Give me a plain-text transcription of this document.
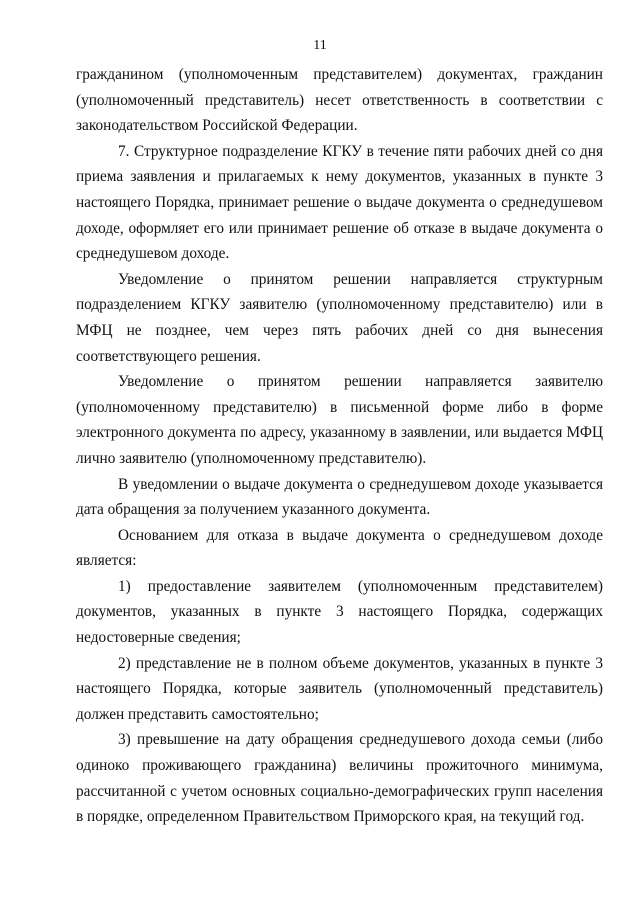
11

гражданином (уполномоченным представителем) документах, гражданин (уполномоченный представитель) несет ответственность в соответствии с законодательством Российской Федерации.

7. Структурное подразделение КГКУ в течение пяти рабочих дней со дня приема заявления и прилагаемых к нему документов, указанных в пункте 3 настоящего Порядка, принимает решение о выдаче документа о среднедушевом доходе, оформляет его или принимает решение об отказе в выдаче документа о среднедушевом доходе.

Уведомление о принятом решении направляется структурным подразделением КГКУ заявителю (уполномоченному представителю) или в МФЦ не позднее, чем через пять рабочих дней со дня вынесения соответствующего решения.

Уведомление о принятом решении направляется заявителю (уполномоченному представителю) в письменной форме либо в форме электронного документа по адресу, указанному в заявлении, или выдается МФЦ лично заявителю (уполномоченному представителю).

В уведомлении о выдаче документа о среднедушевом доходе указывается дата обращения за получением указанного документа.

Основанием для отказа в выдаче документа о среднедушевом доходе является:

1) предоставление заявителем (уполномоченным представителем) документов, указанных в пункте 3 настоящего Порядка, содержащих недостоверные сведения;

2) представление не в полном объеме документов, указанных в пункте 3 настоящего Порядка, которые заявитель (уполномоченный представитель) должен представить самостоятельно;

3) превышение на дату обращения среднедушевого дохода семьи (либо одиноко проживающего гражданина) величины прожиточного минимума, рассчитанной с учетом основных социально-демографических групп населения в порядке, определенном Правительством Приморского края, на текущий год.
